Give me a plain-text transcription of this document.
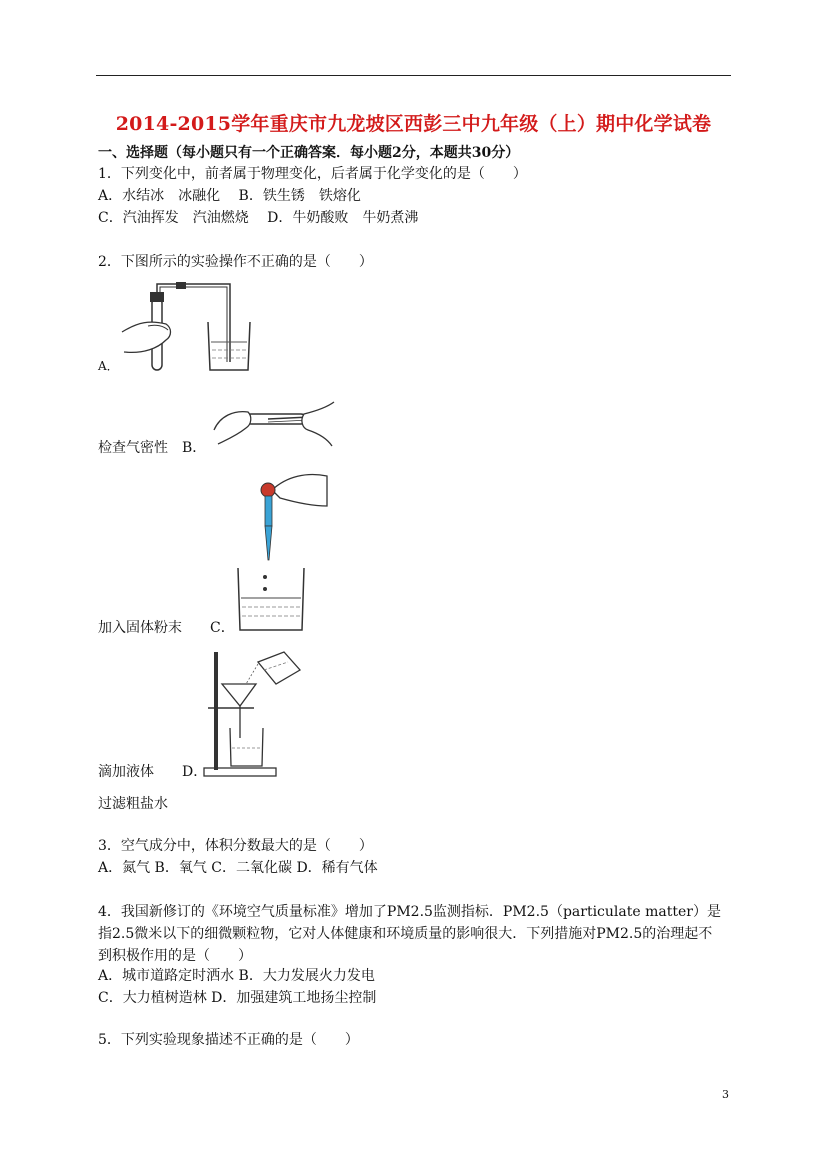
2014-2015学年重庆市九龙坡区西彭三中九年级（上）期中化学试卷
一、选择题（每小题只有一个正确答案．每小题2分，本题共30分）
1．下列变化中，前者属于物理变化，后者属于化学变化的是（　　）
A．水结冰　冰融化　 B．铁生锈　铁熔化
C．汽油挥发　汽油燃烧　 D．牛奶酸败　牛奶煮沸
2．下图所示的实验操作不正确的是（　　）
A．
检查气密性　B．
加入固体粉末　　C．
滴加液体　　D．
过滤粗盐水
3．空气成分中，体积分数最大的是（　　）
A．氮气 B．氧气 C．二氧化碳 D．稀有气体
4．我国新修订的《环境空气质量标准》增加了PM2.5监测指标．PM2.5（particulate matter）是指2.5微米以下的细微颗粒物，它对人体健康和环境质量的影响很大．下列措施对PM2.5的治理起不到积极作用的是（　　）
A．城市道路定时洒水 B．大力发展火力发电
C．大力植树造林 D．加强建筑工地扬尘控制
5．下列实验现象描述不正确的是（　　）
3
